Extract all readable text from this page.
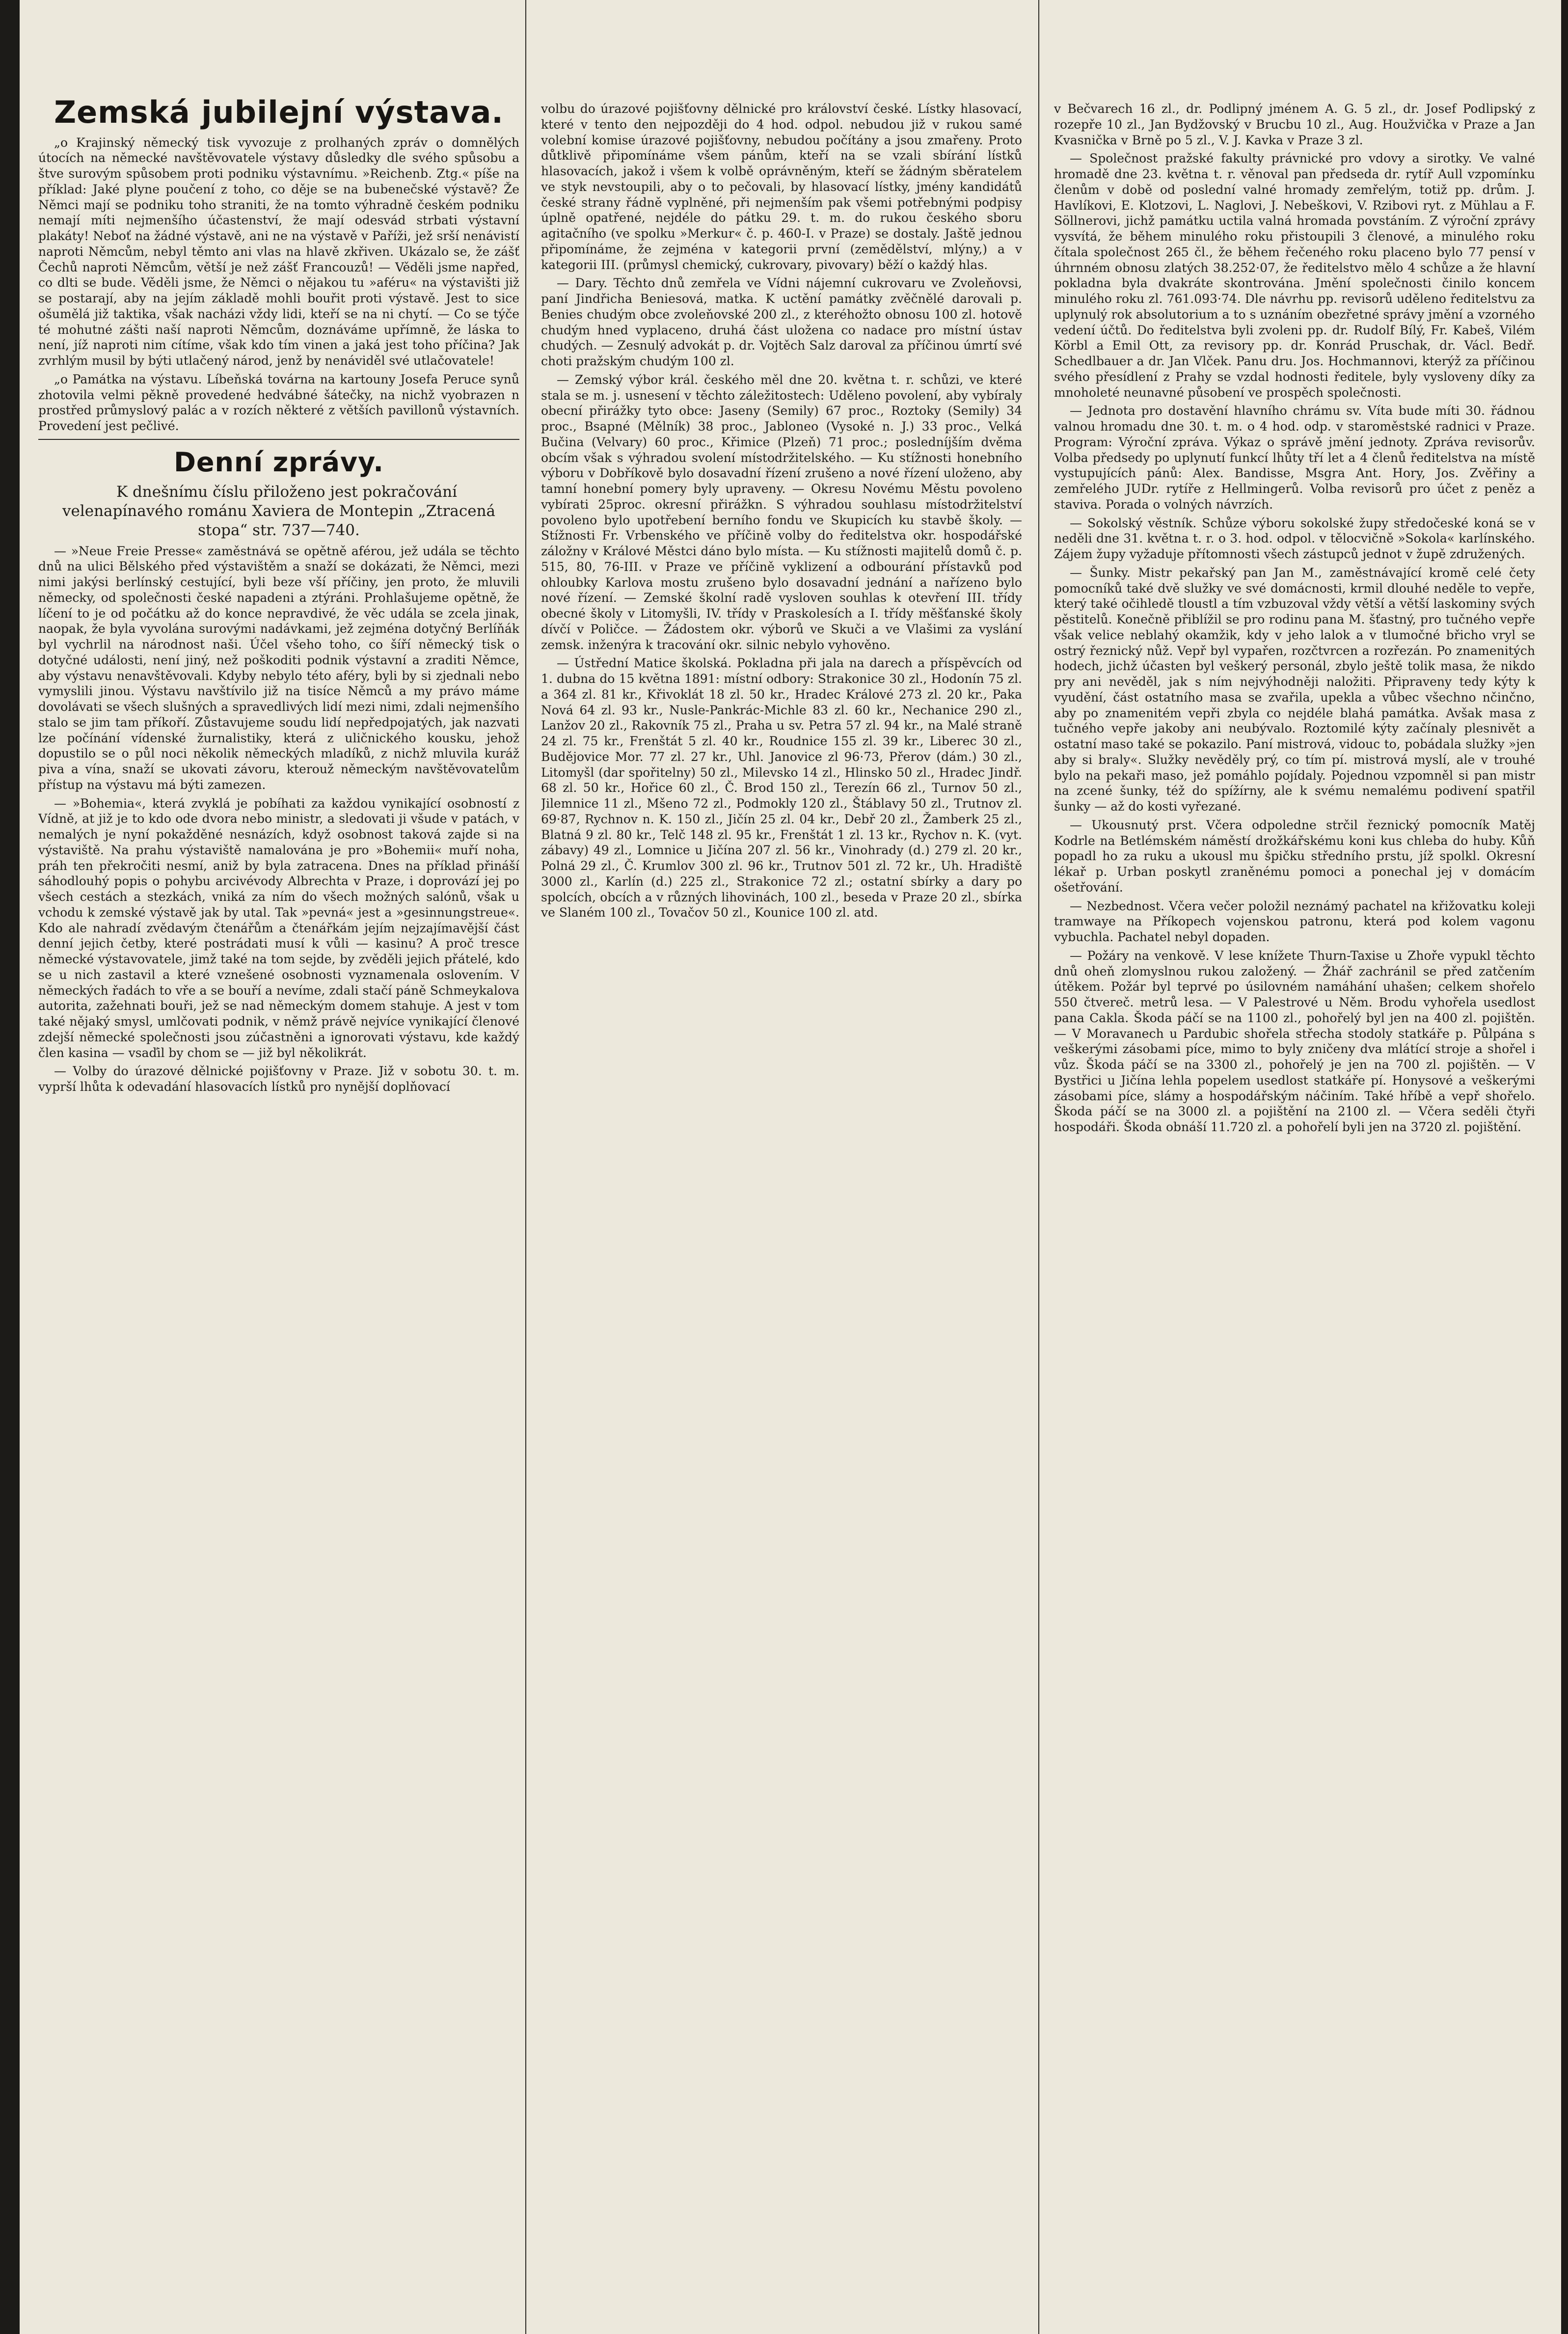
Zemská jubilejní výstava.

„o Krajinský německý tisk vyvozuje z prolhaných zpráv o domnělých útocích na německé navštěvovatele výstavy důsledky dle svého spůsobu a štve surovým spůsobem proti podniku výstavnímu. »Reichenb. Ztg.« píše na příklad: Jaké plyne poučení z toho, co děje se na bubenečské výstavě? Že Němci mají se podniku toho straniti, že na tomto výhradně českém podniku nemají míti nejmenšího účastenství, že mají odesvád strbati výstavní plakáty! Neboť na žádné výstavě, ani ne na výstavě v Paříži, jež srší nenávistí naproti Němcům, nebyl těmto ani vlas na hlavě zkřiven. Ukázalo se, že zášť Čechů naproti Němcům, větší je než zášť Francouzů! — Věděli jsme napřed, co dlti se bude. Věděli jsme, že Němci o nějakou tu »aféru« na výstavišti již se postarají, aby na jejím základě mohli bouřit proti výstavě. Jest to sice ošumělá již taktika, však nacházi vždy lidi, kteří se na ni chytí. — Co se týče té mohutné zášti naší naproti Němcům, doznáváme upřímně, že láska to není, jíž naproti nim cítíme, však kdo tím vinen a jaká jest toho příčina? Jak zvrhlým musil by býti utlačený národ, jenž by nenáviděl své utlačovatele!

„o Památka na výstavu. Líbeňská továrna na kartouny Josefa Peruce synů zhotovila velmi pěkně provedené hedvábné šátečky, na nichž vyobrazen n prostřed průmyslový palác a v rozích některé z větších pavillonů výstavních. Provedení jest pečlivé.

Denní zprávy.

K dnešnímu číslu přiloženo jest pokračování velenapínavého románu Xaviera de Montepin „Ztracená stopa“ str. 737—740.

— »Neue Freie Presse« zaměstnává se opětně aférou, jež udála se těchto dnů na ulici Bělského před výstavištěm a snaží se dokázati, že Němci, mezi nimi jakýsi berlínský cestující, byli beze vší příčiny, jen proto, že mluvili německy, od společnosti české napadeni a ztýráni. Prohlašujeme opětně, že líčení to je od počátku až do konce nepravdivé, že věc udála se zcela jinak, naopak, že byla vyvolána surovými nadávkami, jež zejména dotyčný Berlíňák byl vychrlil na národnost naši. Účel všeho toho, co šíří německý tisk o dotyčné události, není jiný, než poškoditi podnik výstavní a zraditi Němce, aby výstavu nenavštěvovali. Kdyby nebylo této aféry, byli by si zjednali nebo vymyslili jinou. Výstavu navštívilo již na tisíce Němců a my právo máme dovolávati se všech slušných a spravedlivých lidí mezi nimi, zdali nejmenšího stalo se jim tam příkoří. Zůstavujeme soudu lidí nepředpojatých, jak nazvati lze počínání vídenské žurnalistiky, která z uličnického kousku, jehož dopustilo se o půl noci několik německých mladíků, z nichž mluvila kuráž piva a vína, snaží se ukovati závoru, kterouž německým navštěvovatelům přístup na výstavu má býti zamezen.

— »Bohemia«, která zvyklá je pobíhati za každou vynikající osobností z Vídně, at již je to kdo ode dvora nebo ministr, a sledovati ji všude v patách, v nemalých je nyní pokažděné nesnázích, když osobnost taková zajde si na výstaviště. Na prahu výstaviště namalována je pro »Bohemii« muří noha, práh ten překročiti nesmí, aniž by byla zatracena. Dnes na příklad přináší sáhodlouhý popis o pohybu arcivévody Albrechta v Praze, i doprovází jej po všech cestách a stezkách, vniká za ním do všech možných salónů, však u vchodu k zemské výstavě jak by utal. Tak »pevná« jest a »gesinnungstreue«. Kdo ale nahradí zvědavým čtenářům a čtenářkám jejím nejzajímavější část denní jejich četby, které postrádati musí k vůli — kasinu? A proč tresce německé výstavovatele, jimž také na tom sejde, by zvěděli jejich přátelé, kdo se u nich zastavil a které vznešené osobnosti vyznamenala oslovením. V německých řadách to vře a se bouří a nevíme, zdali stačí páně Schmeykalova autorita, zažehnati bouři, jež se nad německým domem stahuje. A jest v tom také nějaký smysl, umlčovati podnik, v němž právě nejvíce vynikající členové zdejší německé společnosti jsou zúčastněni a ignorovati výstavu, kde každý člen kasina — vsaďil by chom se — již byl několikrát.

— Volby do úrazové dělnické pojišťovny v Praze. Již v sobotu 30. t. m. vyprší lhůta k odevadání hlasovacích lístků pro nynější doplňovací

volbu do úrazové pojišťovny dělnické pro království české. Lístky hlasovací, které v tento den nejpozději do 4 hod. odpol. nebudou již v rukou samé volební komise úrazové pojišťovny, nebudou počítány a jsou zmařeny. Proto důtklivě připomínáme všem pánům, kteří na se vzali sbírání lístků hlasovacích, jakož i všem k volbě oprávněným, kteří se žádným sběratelem ve styk nevstoupili, aby o to pečovali, by hlasovací lístky, jmény kandidátů české strany řádně vyplněné, při nejmenším pak všemi potřebnými podpisy úplně opatřené, nejdéle do pátku 29. t. m. do rukou českého sboru agitačního (ve spolku »Merkur« č. p. 460-I. v Praze) se dostaly. Jaště jednou připomínáme, že zejména v kategorii první (zemědělství, mlýny,) a v kategorii III. (průmysl chemický, cukrovary, pivovary) běží o každý hlas.

— Dary. Těchto dnů zemřela ve Vídni nájemní cukrovaru ve Zvoleňovsi, paní Jindřicha Beniesová, matka. K uctění památky zvěčnělé darovali p. Benies chudým obce zvoleňovské 200 zl., z kteréhožto obnosu 100 zl. hotově chudým hned vyplaceno, druhá část uložena co nadace pro místní ústav chudých. — Zesnulý advokát p. dr. Vojtěch Salz daroval za příčinou úmrtí své choti pražským chudým 100 zl.

— Zemský výbor král. českého měl dne 20. května t. r. schůzi, ve které stala se m. j. usnesení v těchto záležitostech: Uděleno povolení, aby vybíraly obecní přirážky tyto obce: Jaseny (Semily) 67 proc., Roztoky (Semily) 34 proc., Bsapné (Mělník) 38 proc., Jabloneo (Vysoké n. J.) 33 proc., Velká Bučina (Velvary) 60 proc., Křimice (Plzeň) 71 proc.; posledníjším dvěma obcím však s výhradou svolení místodržitelského. — Ku stížnosti honebního výboru v Dobříkově bylo dosavadní řízení zrušeno a nové řízení uloženo, aby tamní honební pomery byly upraveny. — Okresu Novému Městu povoleno vybírati 25proc. okresní přirážkn. S výhradou souhlasu místodržitelství povoleno bylo upotřebení berního fondu ve Skupicích ku stavbě školy. — Stížnosti Fr. Vrbenského ve příčině volby do ředitelstva okr. hospodářské záložny v Králové Městci dáno bylo místa. — Ku stížnosti majitelů domů č. p. 515, 80, 76-III. v Praze ve příčině vyklizení a odbourání přístavků pod ohloubky Karlova mostu zrušeno bylo dosavadní jednání a nařízeno bylo nové řízení. — Zemské školní radě vysloven souhlas k otevření III. třídy obecné školy v Litomyšli, IV. třídy v Praskolesích a I. třídy měšťanské školy dívčí v Poličce. — Žádostem okr. výborů ve Skuči a ve Vlašimi za vyslání zemsk. inženýra k tracování okr. silnic nebylo vyhověno.

— Ústřední Matice školská. Pokladna při jala na darech a příspěvcích od 1. dubna do 15 května 1891: místní odbory: Strakonice 30 zl., Hodonín 75 zl. a 364 zl. 81 kr., Křivoklát 18 zl. 50 kr., Hradec Králové 273 zl. 20 kr., Paka Nová 64 zl. 93 kr., Nusle-Pankrác-Michle 83 zl. 60 kr., Nechanice 290 zl., Lanžov 20 zl., Rakovník 75 zl., Praha u sv. Petra 57 zl. 94 kr., na Malé straně 24 zl. 75 kr., Frenštát 5 zl. 40 kr., Roudnice 155 zl. 39 kr., Liberec 30 zl., Budějovice Mor. 77 zl. 27 kr., Uhl. Janovice zl 96·73, Přerov (dám.) 30 zl., Litomyšl (dar spořitelny) 50 zl., Milevsko 14 zl., Hlinsko 50 zl., Hradec Jindř. 68 zl. 50 kr., Hořice 60 zl., Č. Brod 150 zl., Terezín 66 zl., Turnov 50 zl., Jilemnice 11 zl., Mšeno 72 zl., Podmokly 120 zl., Štáblavy 50 zl., Trutnov zl. 69·87, Rychnov n. K. 150 zl., Jičín 25 zl. 04 kr., Debř 20 zl., Žamberk 25 zl., Blatná 9 zl. 80 kr., Telč 148 zl. 95 kr., Frenštát 1 zl. 13 kr., Rychov n. K. (vyt. zábavy) 49 zl., Lomnice u Jičína 207 zl. 56 kr., Vinohrady (d.) 279 zl. 20 kr., Polná 29 zl., Č. Krumlov 300 zl. 96 kr., Trutnov 501 zl. 72 kr., Uh. Hradiště 3000 zl., Karlín (d.) 225 zl., Strakonice 72 zl.; ostatní sbírky a dary po spolcích, obcích a v různých lihovinách, 100 zl., beseda v Praze 20 zl., sbírka ve Slaném 100 zl., Tovačov 50 zl., Kounice 100 zl. atd.

v Bečvarech 16 zl., dr. Podlipný jménem A. G. 5 zl., dr. Josef Podlipský z rozepře 10 zl., Jan Bydžovský v Brucbu 10 zl., Aug. Houžvička v Praze a Jan Kvasnička v Brně po 5 zl., V. J. Kavka v Praze 3 zl.

— Společnost pražské fakulty právnické pro vdovy a sirotky. Ve valné hromadě dne 23. května t. r. věnoval pan předseda dr. rytíř Aull vzpomínku členům v době od poslední valné hromady zemřelým, totiž pp. drům. J. Havlíkovi, E. Klotzovi, L. Naglovi, J. Nebeškovi, V. Rzibovi ryt. z Mühlau a F. Söllnerovi, jichž památku uctila valná hromada povstáním. Z výroční zprávy vysvítá, že během minulého roku přistoupili 3 členové, a minulého roku čítala společnost 265 čl., že během řečeného roku placeno bylo 77 pensí v úhrnném obnosu zlatých 38.252·07, že ředitelstvo mělo 4 schůze a že hlavní pokladna byla dvakráte skontrována. Jmění společnosti činilo koncem minulého roku zl. 761.093·74. Dle návrhu pp. revisorů uděleno ředitelstvu za uplynulý rok absolutorium a to s uznáním obezřetné správy jmění a vzorného vedení účtů. Do ředitelstva byli zvoleni pp. dr. Rudolf Bílý, Fr. Kabeš, Vilém Körbl a Emil Ott, za revisory pp. dr. Konrád Pruschak, dr. Václ. Bedř. Schedlbauer a dr. Jan Vlček. Panu dru. Jos. Hochmannovi, kterýž za příčinou svého přesídlení z Prahy se vzdal hodnosti ředitele, byly vysloveny díky za mnoholeté neunavné působení ve prospěch společnosti.

— Jednota pro dostavění hlavního chrámu sv. Víta bude míti 30. řádnou valnou hromadu dne 30. t. m. o 4 hod. odp. v staroměstské radnici v Praze. Program: Výroční zpráva. Výkaz o správě jmění jednoty. Zpráva revisorův. Volba předsedy po uplynutí funkcí lhůty tří let a 4 členů ředitelstva na místě vystupujících pánů: Alex. Bandisse, Msgra Ant. Hory, Jos. Zvěřiny a zemřelého JUDr. rytíře z Hellmingerů. Volba revisorů pro účet z peněz a staviva. Porada o volných návrzích.

— Sokolský věstník. Schůze výboru sokolské župy středočeské koná se v neděli dne 31. května t. r. o 3. hod. odpol. v tělocvičně »Sokola« karlínského. Zájem župy vyžaduje přítomnosti všech zástupců jednot v župě združených.

— Šunky. Mistr pekařský pan Jan M., zaměstnávající kromě celé čety pomocníků také dvě služky ve své domácnosti, krmil dlouhé neděle to vepře, který také očihledě tloustl a tím vzbuzoval vždy větší a větší laskominy svých pěstitelů. Konečně přiblížil se pro rodinu pana M. šťastný, pro tučného vepře však velice neblahý okamžik, kdy v jeho lalok a v tlumočné břicho vryl se ostrý řeznický nůž. Vepř byl vypařen, rozčtvrcen a rozřezán. Po znamenitých hodech, jichž účasten byl veškerý personál, zbylo ještě tolik masa, že nikdo pry ani nevěděl, jak s ním nejvýhodněji naložiti. Připraveny tedy kýty k vyudění, část ostatního masa se zvařila, upekla a vůbec všechno nčinčno, aby po znamenitém vepři zbyla co nejdéle blahá památka. Avšak masa z tučného vepře jakoby ani neubývalo. Roztomilé kýty začínaly plesnivět a ostatní maso také se pokazilo. Paní mistrová, vidouc to, pobádala služky »jen aby si braly«. Služky nevěděly prý, co tím pí. mistrová myslí, ale v trouhé bylo na pekaři maso, jež pomáhlo pojídaly. Pojednou vzpomněl si pan mistr na zcené šunky, též do spížírny, ale k svému nemalému podivení spatřil šunky — až do kosti vyřezané.

— Ukousnutý prst. Včera odpoledne strčil řeznický pomocník Matěj Kodrle na Betlémském náměstí drožkářskému koni kus chleba do huby. Kůň popadl ho za ruku a ukousl mu špičku středního prstu, jíž spolkl. Okresní lékař p. Urban poskytl zraněnému pomoci a ponechal jej v domácím ošetřování.

— Nezbednost. Včera večer položil neznámý pachatel na křižovatku koleji tramwaye na Příkopech vojenskou patronu, která pod kolem vagonu vybuchla. Pachatel nebyl dopaden.

— Požáry na venkově. V lese knížete Thurn-Taxise u Zhoře vypukl těchto dnů oheň zlomyslnou rukou založený. — Žhář zachránil se před zatčením útěkem. Požár byl teprvé po úsilovném namáhání uhašen; celkem shořelo 550 čtvereč. metrů lesa. — V Palestrové u Něm. Brodu vyhořela usedlost pana Cakla. Škoda páčí se na 1100 zl., pohořelý byl jen na 400 zl. pojištěn. — V Moravanech u Pardubic shořela střecha stodoly statkáře p. Půlpána s veškerými zásobami píce, mimo to byly zničeny dva mlátící stroje a shořel i vůz. Škoda páčí se na 3300 zl., pohořelý je jen na 700 zl. pojištěn. — V Bystřici u Jičína lehla popelem usedlost statkáře pí. Honysové a veškerými zásobami píce, slámy a hospodářským náčiním. Také hříbě a vepř shořelo. Škoda páčí se na 3000 zl. a pojištění na 2100 zl. — Včera seděli čtyři hospodáři. Škoda obnáší 11.720 zl. a pohořelí byli jen na 3720 zl. pojištění.
